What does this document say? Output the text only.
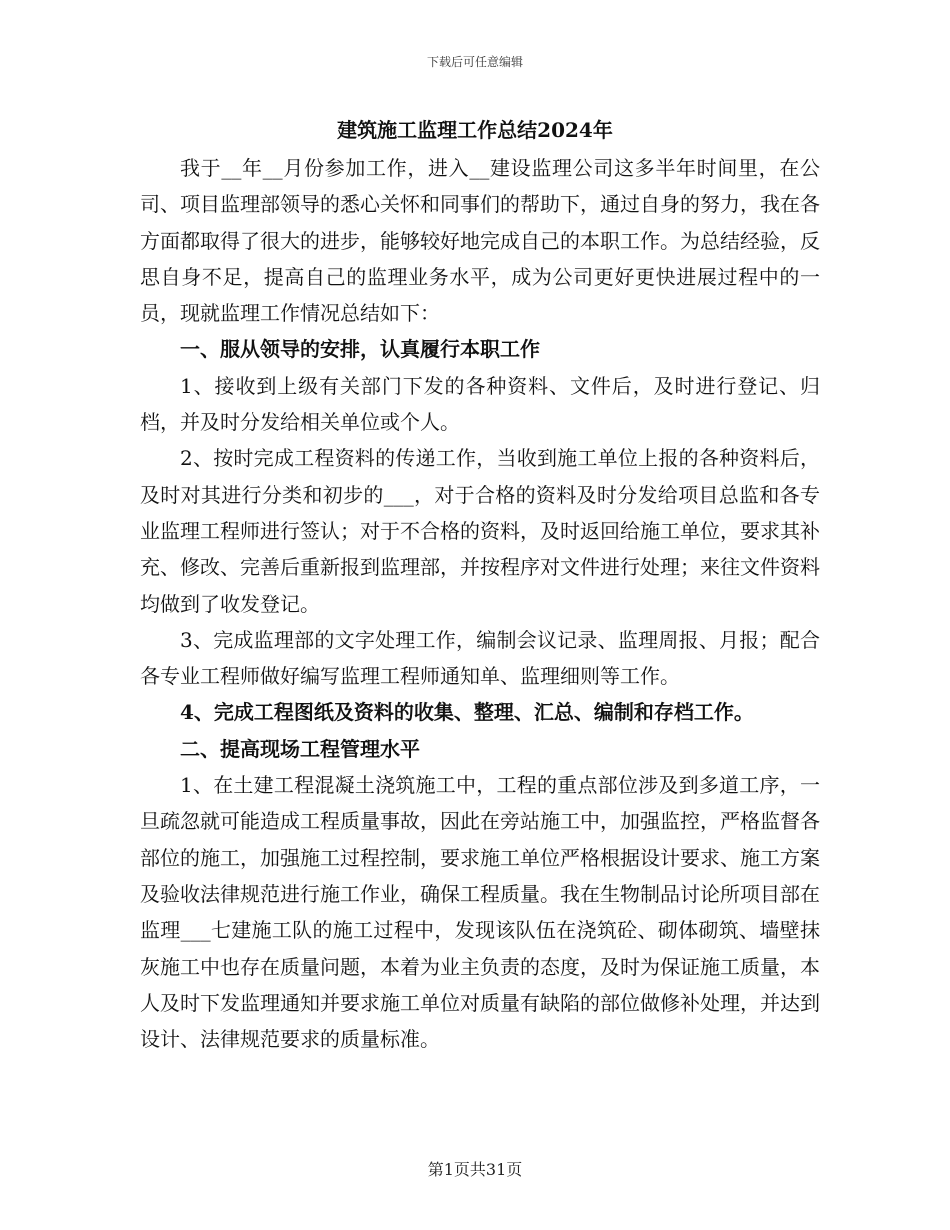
下载后可任意编辑
建筑施工监理工作总结2024年

我于__年__月份参加工作，进入__建设监理公司这多半年时间里，在公司、项目监理部领导的悉心关怀和同事们的帮助下，通过自身的努力，我在各方面都取得了很大的进步，能够较好地完成自己的本职工作。为总结经验，反思自身不足，提高自己的监理业务水平，成为公司更好更快进展过程中的一员，现就监理工作情况总结如下：

一、服从领导的安排，认真履行本职工作

1、接收到上级有关部门下发的各种资料、文件后，及时进行登记、归档，并及时分发给相关单位或个人。

2、按时完成工程资料的传递工作，当收到施工单位上报的各种资料后，及时对其进行分类和初步的___，对于合格的资料及时分发给项目总监和各专业监理工程师进行签认；对于不合格的资料，及时返回给施工单位，要求其补充、修改、完善后重新报到监理部，并按程序对文件进行处理；来往文件资料均做到了收发登记。

3、完成监理部的文字处理工作，编制会议记录、监理周报、月报；配合各专业工程师做好编写监理工程师通知单、监理细则等工作。

4、完成工程图纸及资料的收集、整理、汇总、编制和存档工作。

二、提高现场工程管理水平

1、在土建工程混凝土浇筑施工中，工程的重点部位涉及到多道工序，一旦疏忽就可能造成工程质量事故，因此在旁站施工中，加强监控，严格监督各部位的施工，加强施工过程控制，要求施工单位严格根据设计要求、施工方案及验收法律规范进行施工作业，确保工程质量。我在生物制品讨论所项目部在监理___七建施工队的施工过程中，发现该队伍在浇筑砼、砌体砌筑、墙壁抹灰施工中也存在质量问题，本着为业主负责的态度，及时为保证施工质量，本人及时下发监理通知并要求施工单位对质量有缺陷的部位做修补处理，并达到设计、法律规范要求的质量标准。

第1页共31页
